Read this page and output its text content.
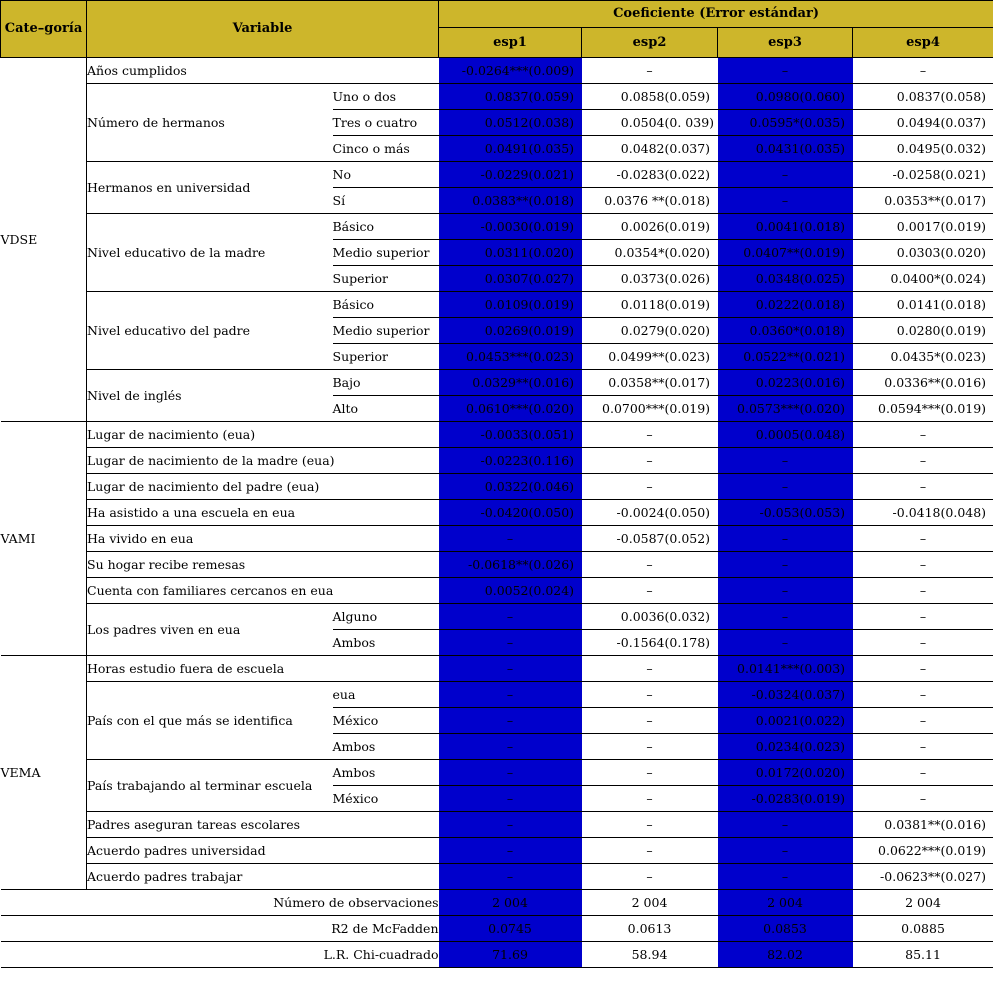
Cate–goría	Variable		Coeficiente (Error estándar)							
			esp1		esp2		esp3		esp4	
VDSE	Años cumplidos		-0.0264***	(0.009)	–		–		–	
	Número de hermanos	Uno o dos	0.0837	(0.059)	0.0858	(0.059)	0.0980	(0.060)	0.0837	(0.058)
		Tres o cuatro	0.0512	(0.038)	0.0504	(0. 039)	0.0595*	(0.035)	0.0494	(0.037)
		Cinco o más	0.0491	(0.035)	0.0482	(0.037)	0.0431	(0.035)	0.0495	(0.032)
	Hermanos en universidad	No	-0.0229	(0.021)	-0.0283	(0.022)	–		-0.0258	(0.021)
		Sí	0.0383**	(0.018)	0.0376 **	(0.018)	–		0.0353**	(0.017)
	Nivel educativo de la madre	Básico	-0.0030	(0.019)	0.0026	(0.019)	0.0041	(0.018)	0.0017	(0.019)
		Medio superior	0.0311	(0.020)	0.0354*	(0.020)	0.0407**	(0.019)	0.0303	(0.020)
		Superior	0.0307	(0.027)	0.0373	(0.026)	0.0348	(0.025)	0.0400*	(0.024)
	Nivel educativo del padre	Básico	0.0109	(0.019)	0.0118	(0.019)	0.0222	(0.018)	0.0141	(0.018)
		Medio superior	0.0269	(0.019)	0.0279	(0.020)	0.0360*	(0.018)	0.0280	(0.019)
		Superior	0.0453***	(0.023)	0.0499**	(0.023)	0.0522**	(0.021)	0.0435*	(0.023)
	Nivel de inglés	Bajo	0.0329**	(0.016)	0.0358**	(0.017)	0.0223	(0.016)	0.0336**	(0.016)
		Alto	0.0610***	(0.020)	0.0700***	(0.019)	0.0573***	(0.020)	0.0594***	(0.019)
VAMI	Lugar de nacimiento (eua)		-0.0033	(0.051)	–		0.0005	(0.048)	–	
	Lugar de nacimiento de la madre (eua)		-0.0223	(0.116)	–		–		–	
	Lugar de nacimiento del padre (eua)		0.0322	(0.046)	–		–		–	
	Ha asistido a una escuela en eua		-0.0420	(0.050)	-0.0024	(0.050)	-0.053	(0.053)	-0.0418	(0.048)
	Ha vivido en eua		–		-0.0587	(0.052)	–		–	
	Su hogar recibe remesas		-0.0618**	(0.026)	–		–		–	
	Cuenta con familiares cercanos en eua		0.0052	(0.024)	–		–		–	
	Los padres viven en eua	Alguno	–		0.0036	(0.032)	–		–	
		Ambos	–		-0.1564	(0.178)	–		–	
VEMA	Horas estudio fuera de escuela		–		–		0.0141***	(0.003)	–	
	País con el que más se identifica	eua	–		–		-0.0324	(0.037)	–	
		México	–		–		0.0021	(0.022)	–	
		Ambos	–		–		0.0234	(0.023)	–	
	País trabajando al terminar escuela	Ambos	–		–		0.0172	(0.020)	–	
		México	–		–		-0.0283	(0.019)	–	
	Padres aseguran tareas escolares		–		–		–		0.0381**	(0.016)
	Acuerdo padres universidad		–		–		–		0.0622***	(0.019)
	Acuerdo padres trabajar		–		–		–		-0.0623**	(0.027)
Número de observaciones			2 004		2 004		2 004		2 004	
R2 de McFadden			0.0745		0.0613		0.0853		0.0885	
L.R. Chi-cuadrado			71.69		58.94		82.02		85.11	
